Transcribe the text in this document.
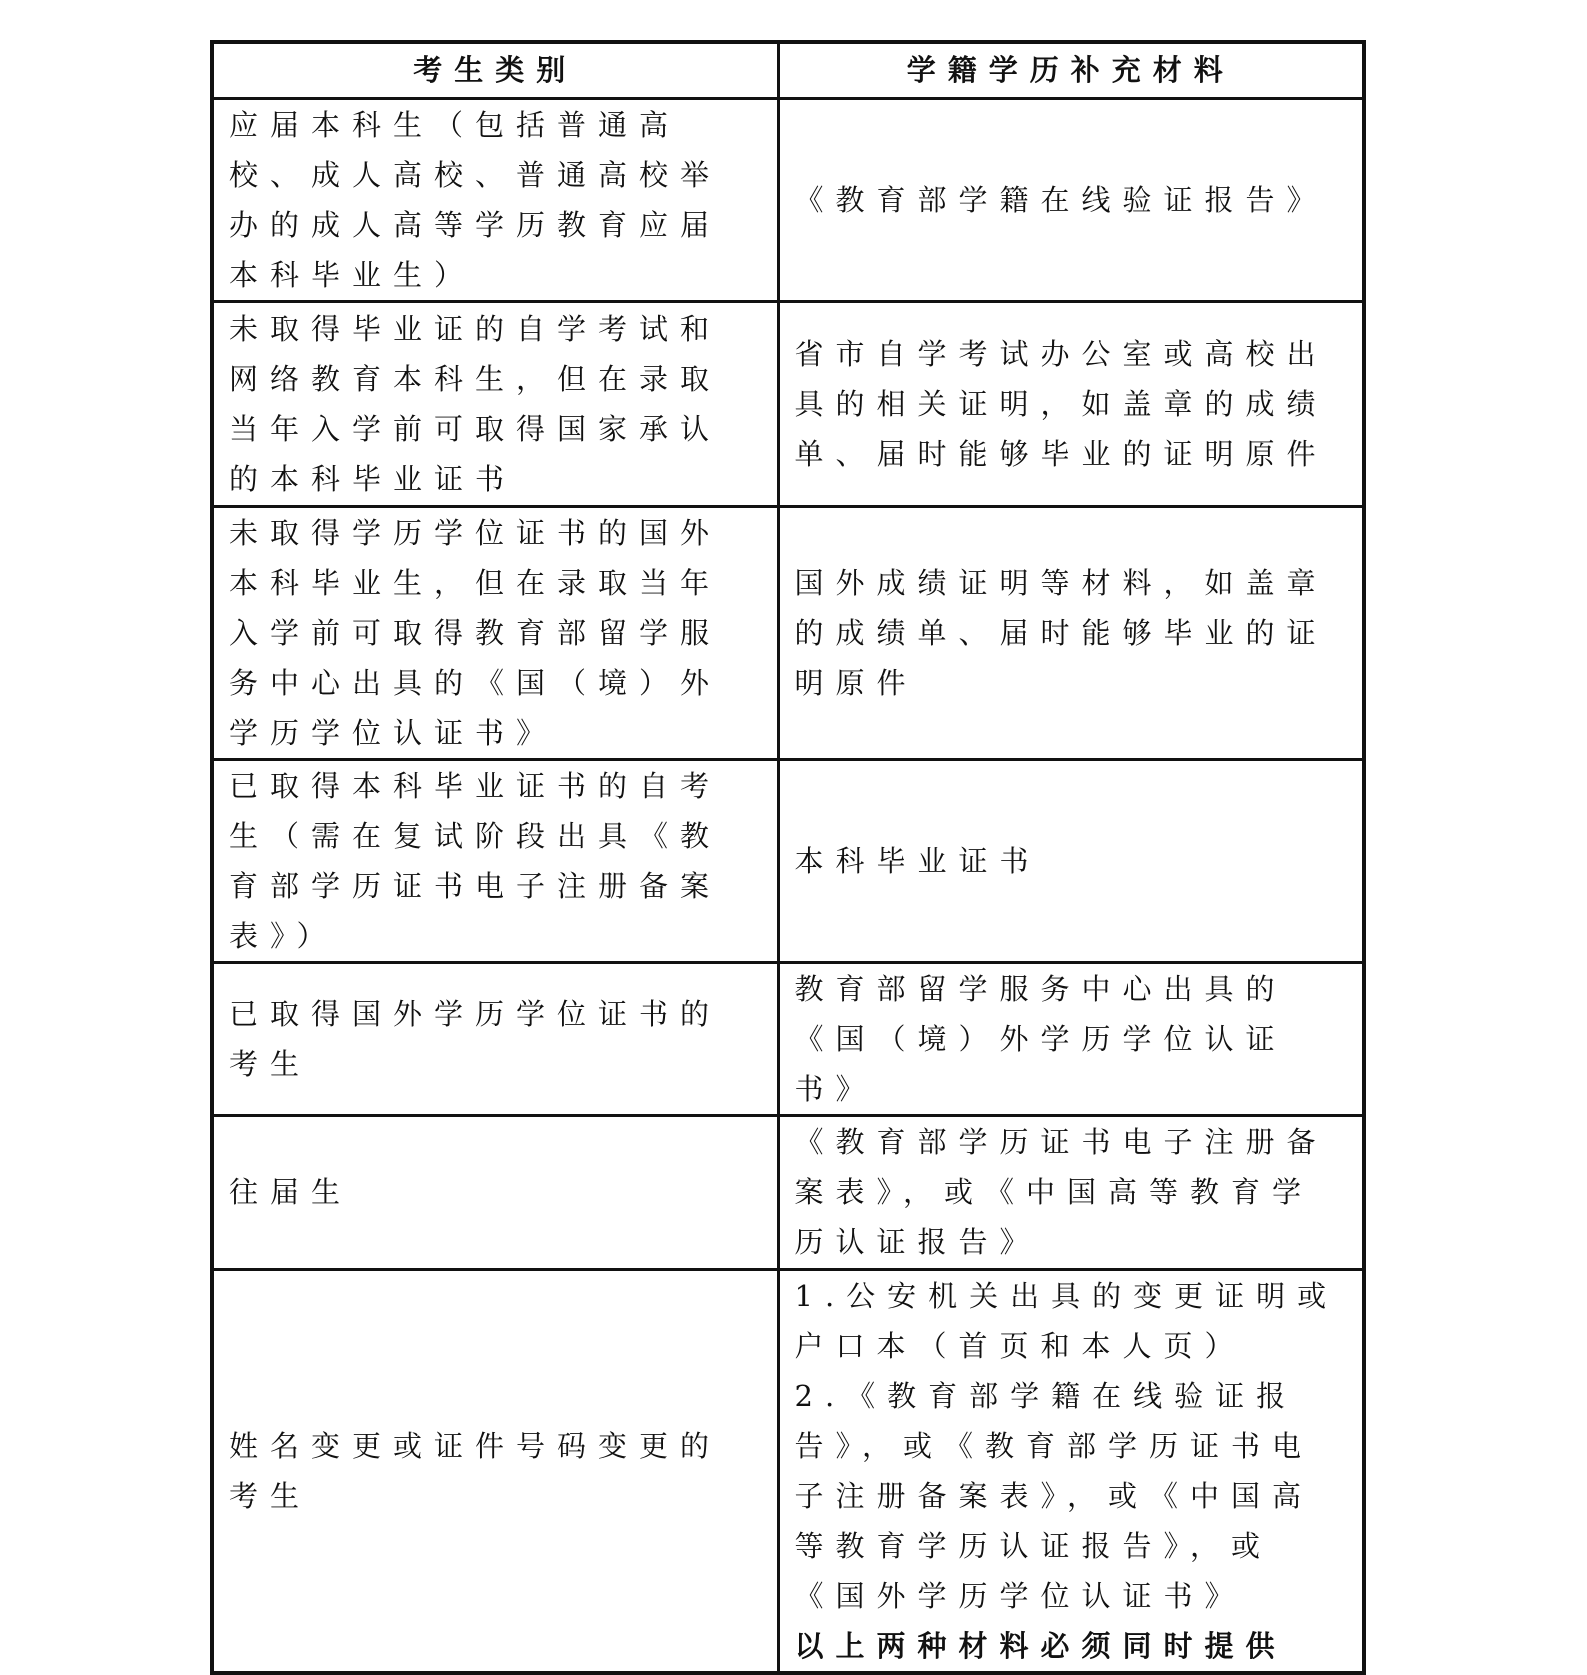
考生类别	学籍学历补充材料
应届本科生（包括普通高校、成人高校、普通高校举办的成人高等学历教育应届本科毕业生）	《教育部学籍在线验证报告》
未取得毕业证的自学考试和网络教育本科生，但在录取当年入学前可取得国家承认的本科毕业证书	省市自学考试办公室或高校出具的相关证明，如盖章的成绩单、届时能够毕业的证明原件
未取得学历学位证书的国外本科毕业生，但在录取当年入学前可取得教育部留学服务中心出具的《国（境）外学历学位认证书》	国外成绩证明等材料，如盖章的成绩单、届时能够毕业的证明原件
已取得本科毕业证书的自考生（需在复试阶段出具《教育部学历证书电子注册备案表》）	本科毕业证书
已取得国外学历学位证书的考生	教育部留学服务中心出具的《国（境）外学历学位认证书》
往届生	《教育部学历证书电子注册备案表》，或《中国高等教育学历认证报告》
姓名变更或证件号码变更的考生	1.公安机关出具的变更证明或户口本（首页和本人页）
2.《教育部学籍在线验证报告》，或《教育部学历证书电子注册备案表》，或《中国高等教育学历认证报告》，或《国外学历学位认证书》
以上两种材料必须同时提供
